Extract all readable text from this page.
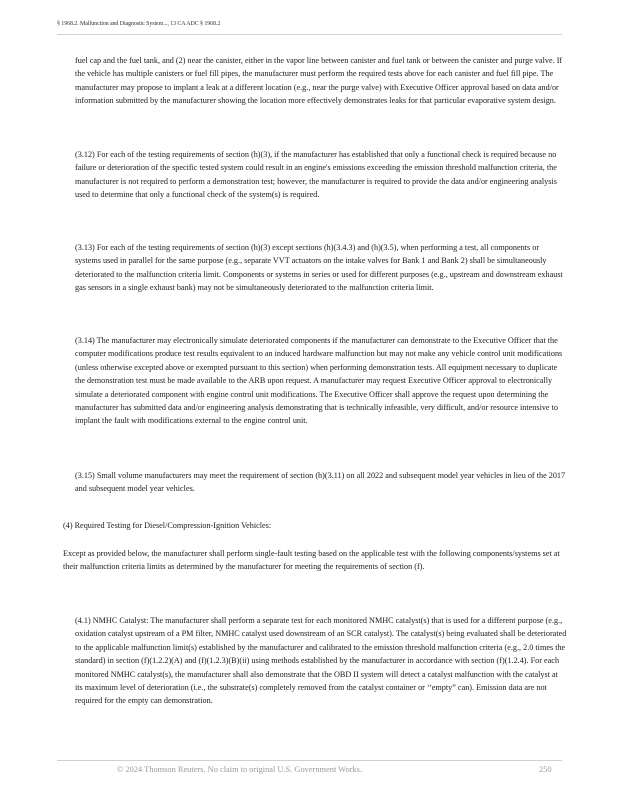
§ 1968.2. Malfunction and Diagnostic System..., 13 CA ADC § 1968.2

fuel cap and the fuel tank, and (2) near the canister, either in the vapor line between canister and fuel tank or between the canister and purge valve. If the vehicle has multiple canisters or fuel fill pipes, the manufacturer must perform the required tests above for each canister and fuel fill pipe. The manufacturer may propose to implant a leak at a different location (e.g., near the purge valve) with Executive Officer approval based on data and/or information submitted by the manufacturer showing the location more effectively demonstrates leaks for that particular evaporative system design.

(3.12) For each of the testing requirements of section (h)(3), if the manufacturer has established that only a functional check is required because no failure or deterioration of the specific tested system could result in an engine's emissions exceeding the emission threshold malfunction criteria, the manufacturer is not required to perform a demonstration test; however, the manufacturer is required to provide the data and/or engineering analysis used to determine that only a functional check of the system(s) is required.

(3.13) For each of the testing requirements of section (h)(3) except sections (h)(3.4.3) and (h)(3.5), when performing a test, all components or systems used in parallel for the same purpose (e.g., separate VVT actuators on the intake valves for Bank 1 and Bank 2) shall be simultaneously deteriorated to the malfunction criteria limit. Components or systems in series or used for different purposes (e.g., upstream and downstream exhaust gas sensors in a single exhaust bank) may not be simultaneously deteriorated to the malfunction criteria limit.

(3.14) The manufacturer may electronically simulate deteriorated components if the manufacturer can demonstrate to the Executive Officer that the computer modifications produce test results equivalent to an induced hardware malfunction but may not make any vehicle control unit modifications (unless otherwise excepted above or exempted pursuant to this section) when performing demonstration tests. All equipment necessary to duplicate the demonstration test must be made available to the ARB upon request. A manufacturer may request Executive Officer approval to electronically simulate a deteriorated component with engine control unit modifications. The Executive Officer shall approve the request upon determining the manufacturer has submitted data and/or engineering analysis demonstrating that is technically infeasible, very difficult, and/or resource intensive to implant the fault with modifications external to the engine control unit.

(3.15) Small volume manufacturers may meet the requirement of section (h)(3.11) on all 2022 and subsequent model year vehicles in lieu of the 2017 and subsequent model year vehicles.

(4) Required Testing for Diesel/Compression-Ignition Vehicles:

Except as provided below, the manufacturer shall perform single-fault testing based on the applicable test with the following components/systems set at their malfunction criteria limits as determined by the manufacturer for meeting the requirements of section (f).

(4.1) NMHC Catalyst: The manufacturer shall perform a separate test for each monitored NMHC catalyst(s) that is used for a different purpose (e.g., oxidation catalyst upstream of a PM filter, NMHC catalyst used downstream of an SCR catalyst). The catalyst(s) being evaluated shall be deteriorated to the applicable malfunction limit(s) established by the manufacturer and calibrated to the emission threshold malfunction criteria (e.g., 2.0 times the standard) in section (f)(1.2.2)(A) and (f)(1.2.3)(B)(ii) using methods established by the manufacturer in accordance with section (f)(1.2.4). For each monitored NMHC catalyst(s), the manufacturer shall also demonstrate that the OBD II system will detect a catalyst malfunction with the catalyst at its maximum level of deterioration (i.e., the substrate(s) completely removed from the catalyst container or ‘‘empty” can). Emission data are not required for the empty can demonstration.

© 2024 Thomson Reuters. No claim to original U.S. Government Works.	250
